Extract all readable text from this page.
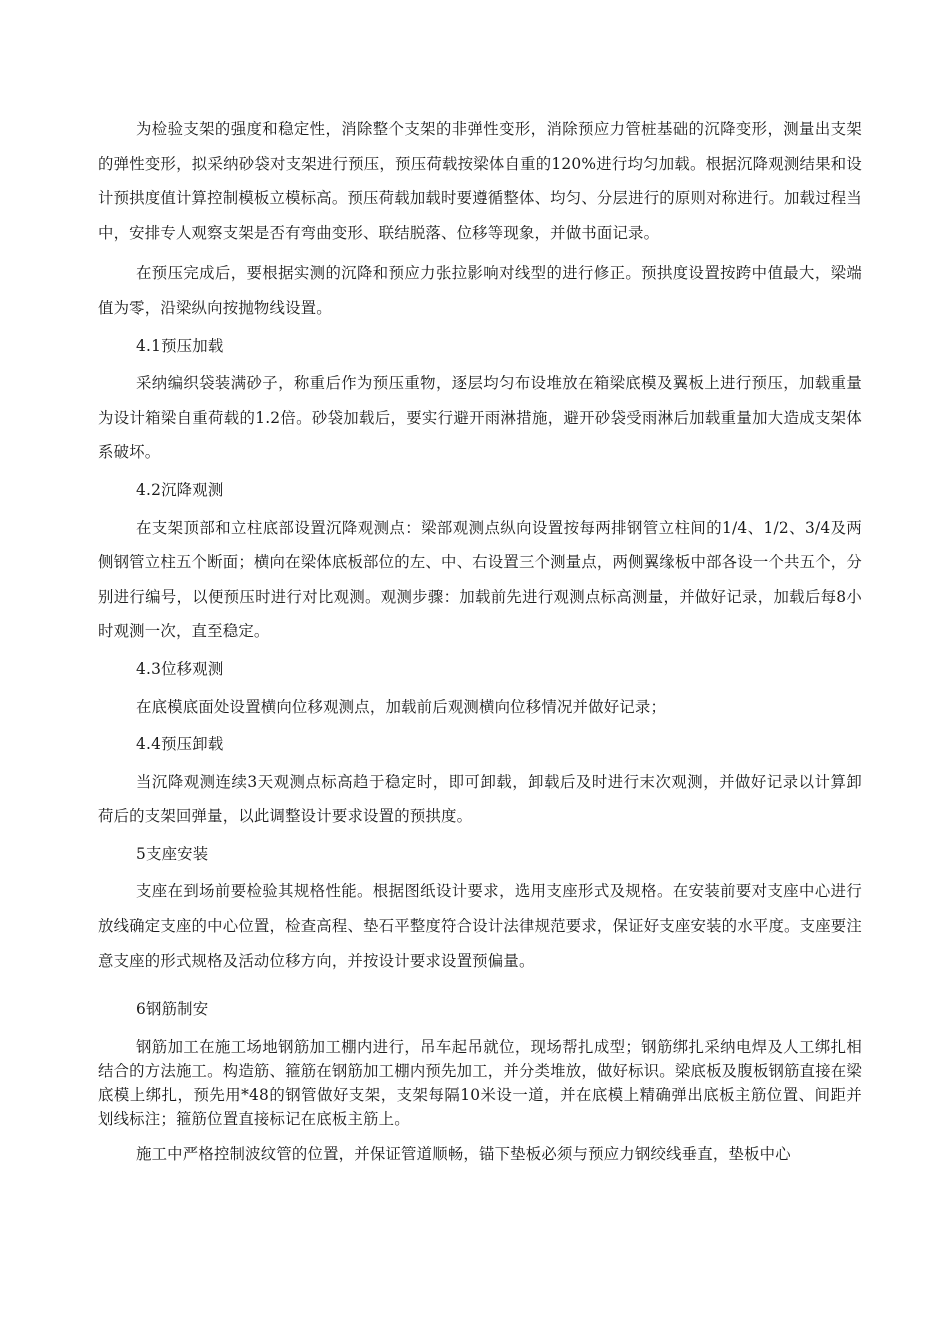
为检验支架的强度和稳定性，消除整个支架的非弹性变形，消除预应力管桩基础的沉降变形，测量出支架的弹性变形，拟采纳砂袋对支架进行预压，预压荷载按梁体自重的120%进行均匀加载。根据沉降观测结果和设计预拱度值计算控制模板立模标高。预压荷载加载时要遵循整体、均匀、分层进行的原则对称进行。加载过程当中，安排专人观察支架是否有弯曲变形、联结脱落、位移等现象，并做书面记录。

在预压完成后，要根据实测的沉降和预应力张拉影响对线型的进行修正。预拱度设置按跨中值最大，梁端值为零，沿梁纵向按抛物线设置。

4.1预压加载

采纳编织袋装满砂子，称重后作为预压重物，逐层均匀布设堆放在箱梁底模及翼板上进行预压，加载重量为设计箱梁自重荷载的1.2倍。砂袋加载后，要实行避开雨淋措施，避开砂袋受雨淋后加载重量加大造成支架体系破坏。

4.2沉降观测

在支架顶部和立柱底部设置沉降观测点：梁部观测点纵向设置按每两排钢管立柱间的1/4、1/2、3/4及两侧钢管立柱五个断面；横向在梁体底板部位的左、中、右设置三个测量点，两侧翼缘板中部各设一个共五个，分别进行编号，以便预压时进行对比观测。观测步骤：加载前先进行观测点标高测量，并做好记录，加载后每8小时观测一次，直至稳定。

4.3位移观测

在底模底面处设置横向位移观测点，加载前后观测横向位移情况并做好记录；

4.4预压卸载

当沉降观测连续3天观测点标高趋于稳定时，即可卸载，卸载后及时进行末次观测，并做好记录以计算卸荷后的支架回弹量，以此调整设计要求设置的预拱度。

5支座安装

支座在到场前要检验其规格性能。根据图纸设计要求，选用支座形式及规格。在安装前要对支座中心进行放线确定支座的中心位置，检查高程、垫石平整度符合设计法律规范要求，保证好支座安装的水平度。支座要注意支座的形式规格及活动位移方向，并按设计要求设置预偏量。

6钢筋制安

钢筋加工在施工场地钢筋加工棚内进行，吊车起吊就位，现场帮扎成型；钢筋绑扎采纳电焊及人工绑扎相结合的方法施工。构造筋、箍筋在钢筋加工棚内预先加工，并分类堆放，做好标识。梁底板及腹板钢筋直接在梁底模上绑扎，预先用*48的钢管做好支架，支架每隔10米设一道，并在底模上精确弹出底板主筋位置、间距并划线标注；箍筋位置直接标记在底板主筋上。

施工中严格控制波纹管的位置，并保证管道顺畅，锚下垫板必须与预应力钢绞线垂直，垫板中心
